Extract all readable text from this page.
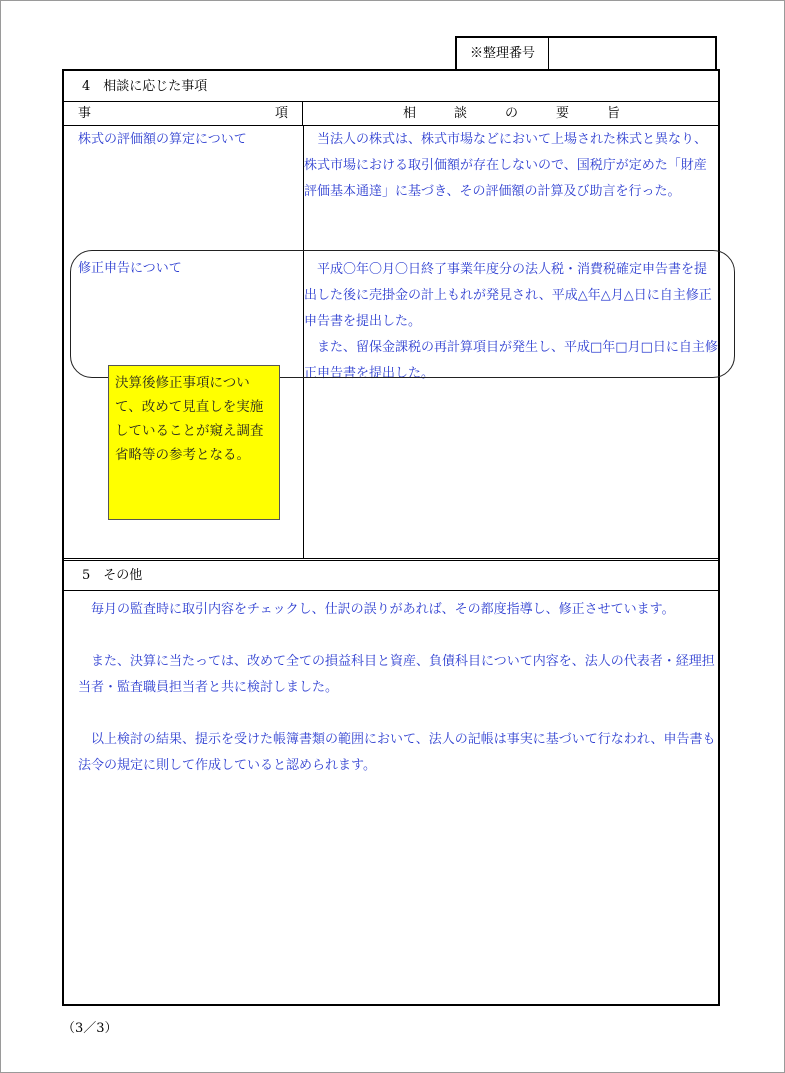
※整理番号
4　相談に応じた事項
事	項	相	談	の	要	旨
株式の評価額の算定について	当法人の株式は、株式市場などにおいて上場された株式と異なり、株式市場における取引価額が存在しないので、国税庁が定めた「財産評価基本通達」に基づき、その評価額の計算及び助言を行った。

修正申告について	平成〇年〇月〇日終了事業年度分の法人税・消費税確定申告書を提出した後に売掛金の計上もれが発見され、平成△年△月△日に自主修正申告書を提出した。

また、留保金課税の再計算項目が発生し、平成□年□月□日に自主修正申告書を提出した。

5　その他

毎月の監査時に取引内容をチェックし、仕訳の誤りがあれば、その都度指導し、修正させています。

また、決算に当たっては、改めて全ての損益科目と資産、負債科目について内容を、法人の代表者・経理担当者・監査職員担当者と共に検討しました。

以上検討の結果、提示を受けた帳簿書類の範囲において、法人の記帳は事実に基づいて行なわれ、申告書も法令の規定に則して作成していると認められます。

決算後修正事項について、改めて見直しを実施していることが窺え調査省略等の参考となる。
（3／3）
